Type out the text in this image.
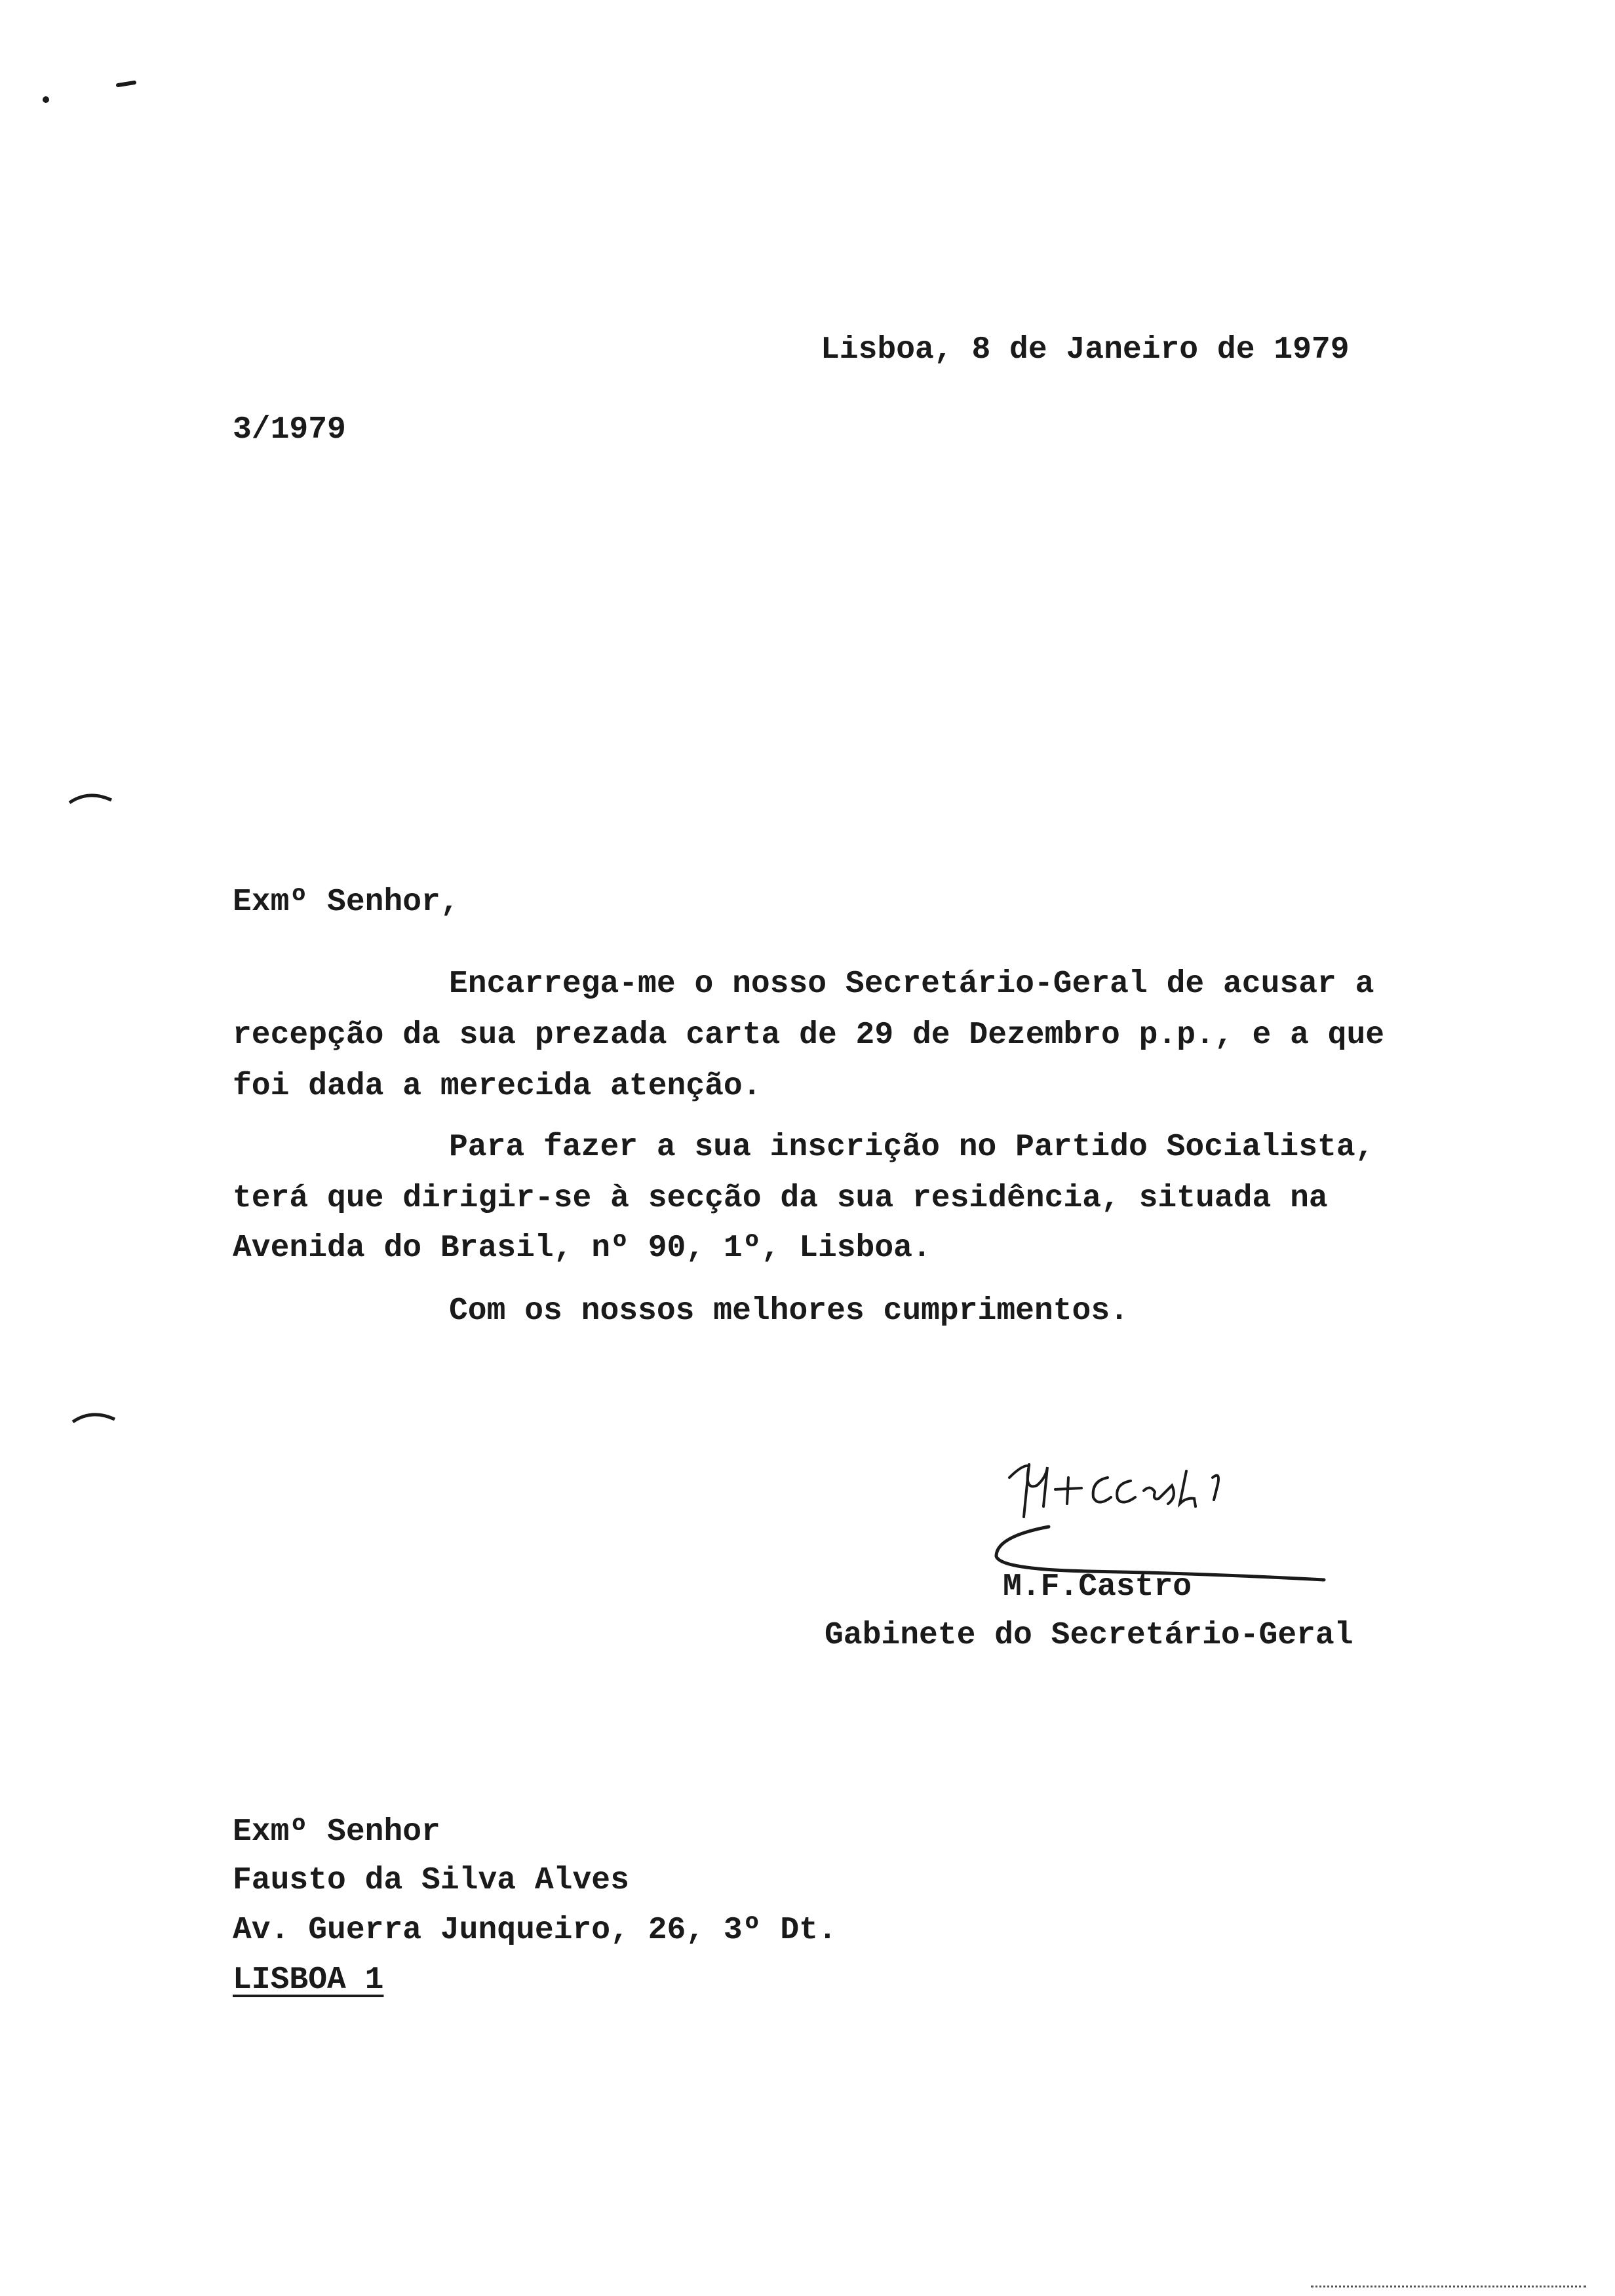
Lisboa, 8 de Janeiro de 1979
3/1979
Exmº Senhor,
Encarrega-me o nosso Secretário-Geral de acusar a
recepção da sua prezada carta de 29 de Dezembro p.p., e a que
foi dada a merecida atenção.
Para fazer a sua inscrição no Partido Socialista,
terá que dirigir-se à secção da sua residência, situada na
Avenida do Brasil, nº 90, 1º, Lisboa.
Com os nossos melhores cumprimentos.
M.F.Castro
Gabinete do Secretário-Geral
Exmº Senhor
Fausto da Silva Alves
Av. Guerra Junqueiro, 26, 3º Dt.
LISBOA 1
